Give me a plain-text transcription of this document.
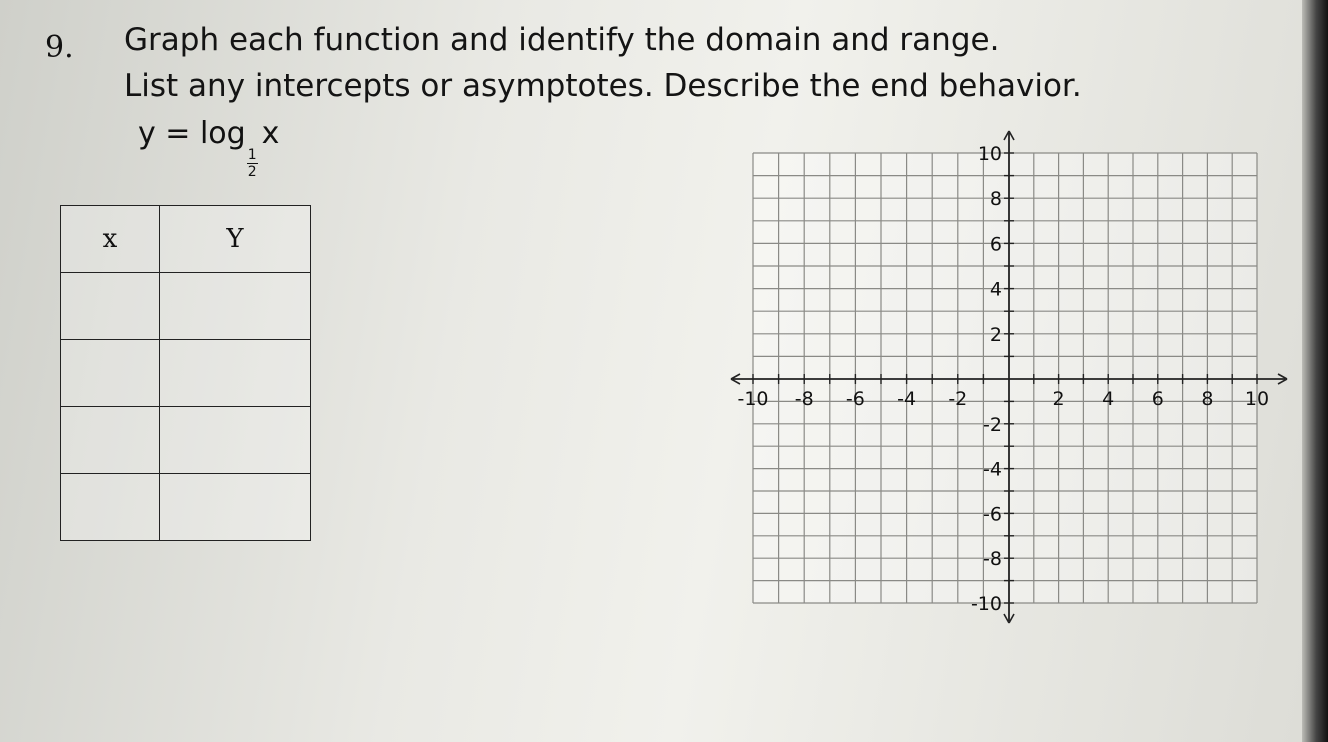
9. Graph each function and identify the domain and range.
List any intercepts or asymptotes. Describe the end behavior.
y = log
$\frac{1}{2}$
x
x	Y

-10 -8 -6 -4 -2	2 4 6 8 10
10
8
6
4
2
-2
-4
-6
-8
-10
